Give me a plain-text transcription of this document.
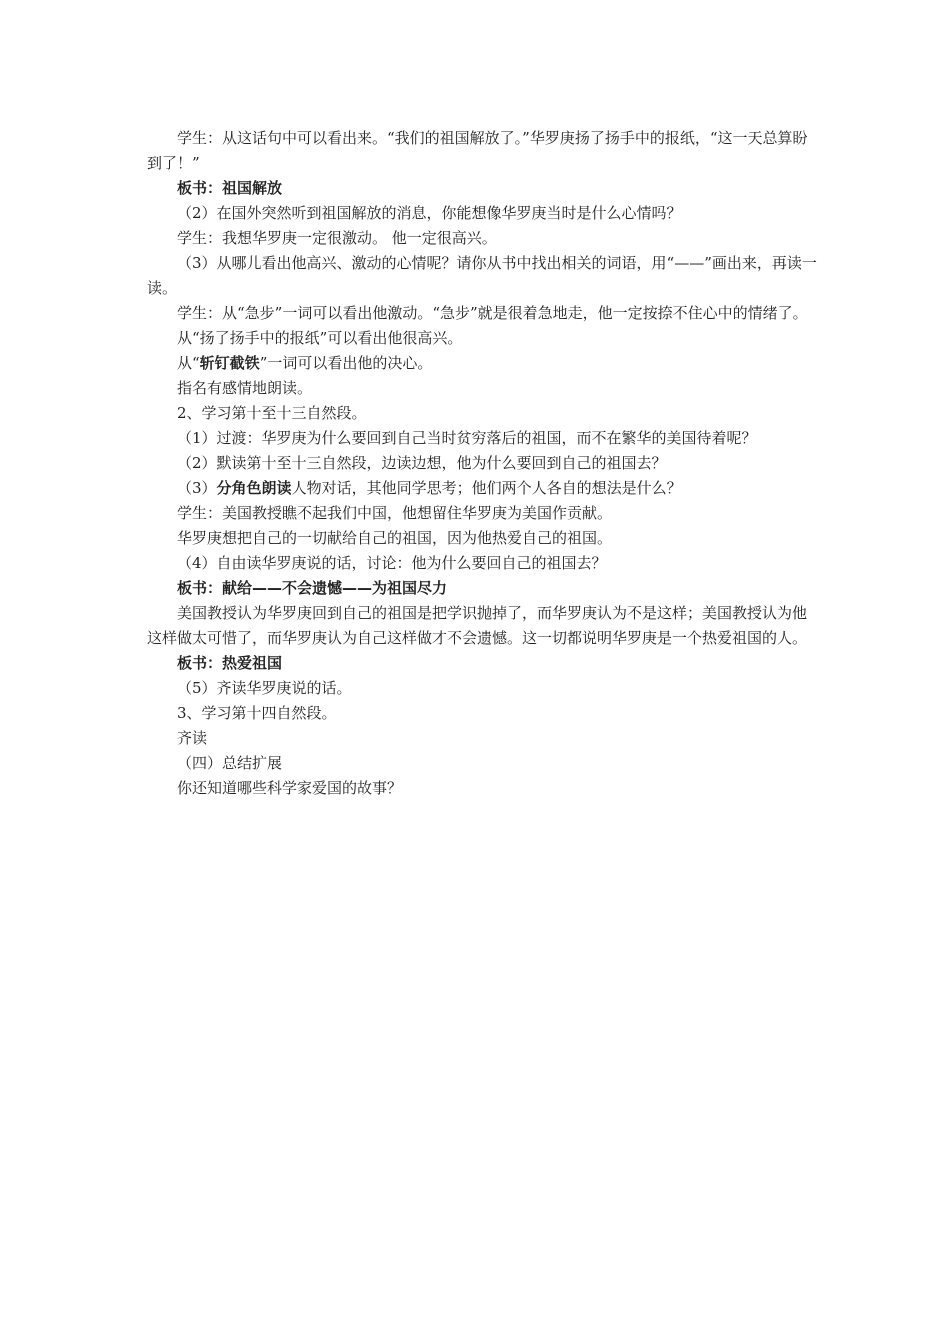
学生：从这话句中可以看出来。“我们的祖国解放了。”华罗庚扬了扬手中的报纸，“这一天总算盼到了！”

板书：祖国解放

（2）在国外突然听到祖国解放的消息，你能想像华罗庚当时是什么心情吗？

学生：我想华罗庚一定很激动。 他一定很高兴。

（3）从哪儿看出他高兴、激动的心情呢？请你从书中找出相关的词语，用“——”画出来，再读一读。

学生：从“急步”一词可以看出他激动。“急步”就是很着急地走，他一定按捺不住心中的情绪了。

从“扬了扬手中的报纸”可以看出他很高兴。

从“斩钉截铁”一词可以看出他的决心。

指名有感情地朗读。

2、学习第十至十三自然段。

（1）过渡：华罗庚为什么要回到自己当时贫穷落后的祖国，而不在繁华的美国待着呢？

（2）默读第十至十三自然段，边读边想，他为什么要回到自己的祖国去？

（3）分角色朗读人物对话，其他同学思考；他们两个人各自的想法是什么？

学生：美国教授瞧不起我们中国，他想留住华罗庚为美国作贡献。

华罗庚想把自己的一切献给自己的祖国，因为他热爱自己的祖国。

（4）自由读华罗庚说的话，讨论：他为什么要回自己的祖国去？

板书：献给——不会遗憾——为祖国尽力

美国教授认为华罗庚回到自己的祖国是把学识抛掉了，而华罗庚认为不是这样；美国教授认为他这样做太可惜了，而华罗庚认为自己这样做才不会遗憾。这一切都说明华罗庚是一个热爱祖国的人。

板书：热爱祖国

（5）齐读华罗庚说的话。

3、学习第十四自然段。

齐读

（四）总结扩展

你还知道哪些科学家爱国的故事？
